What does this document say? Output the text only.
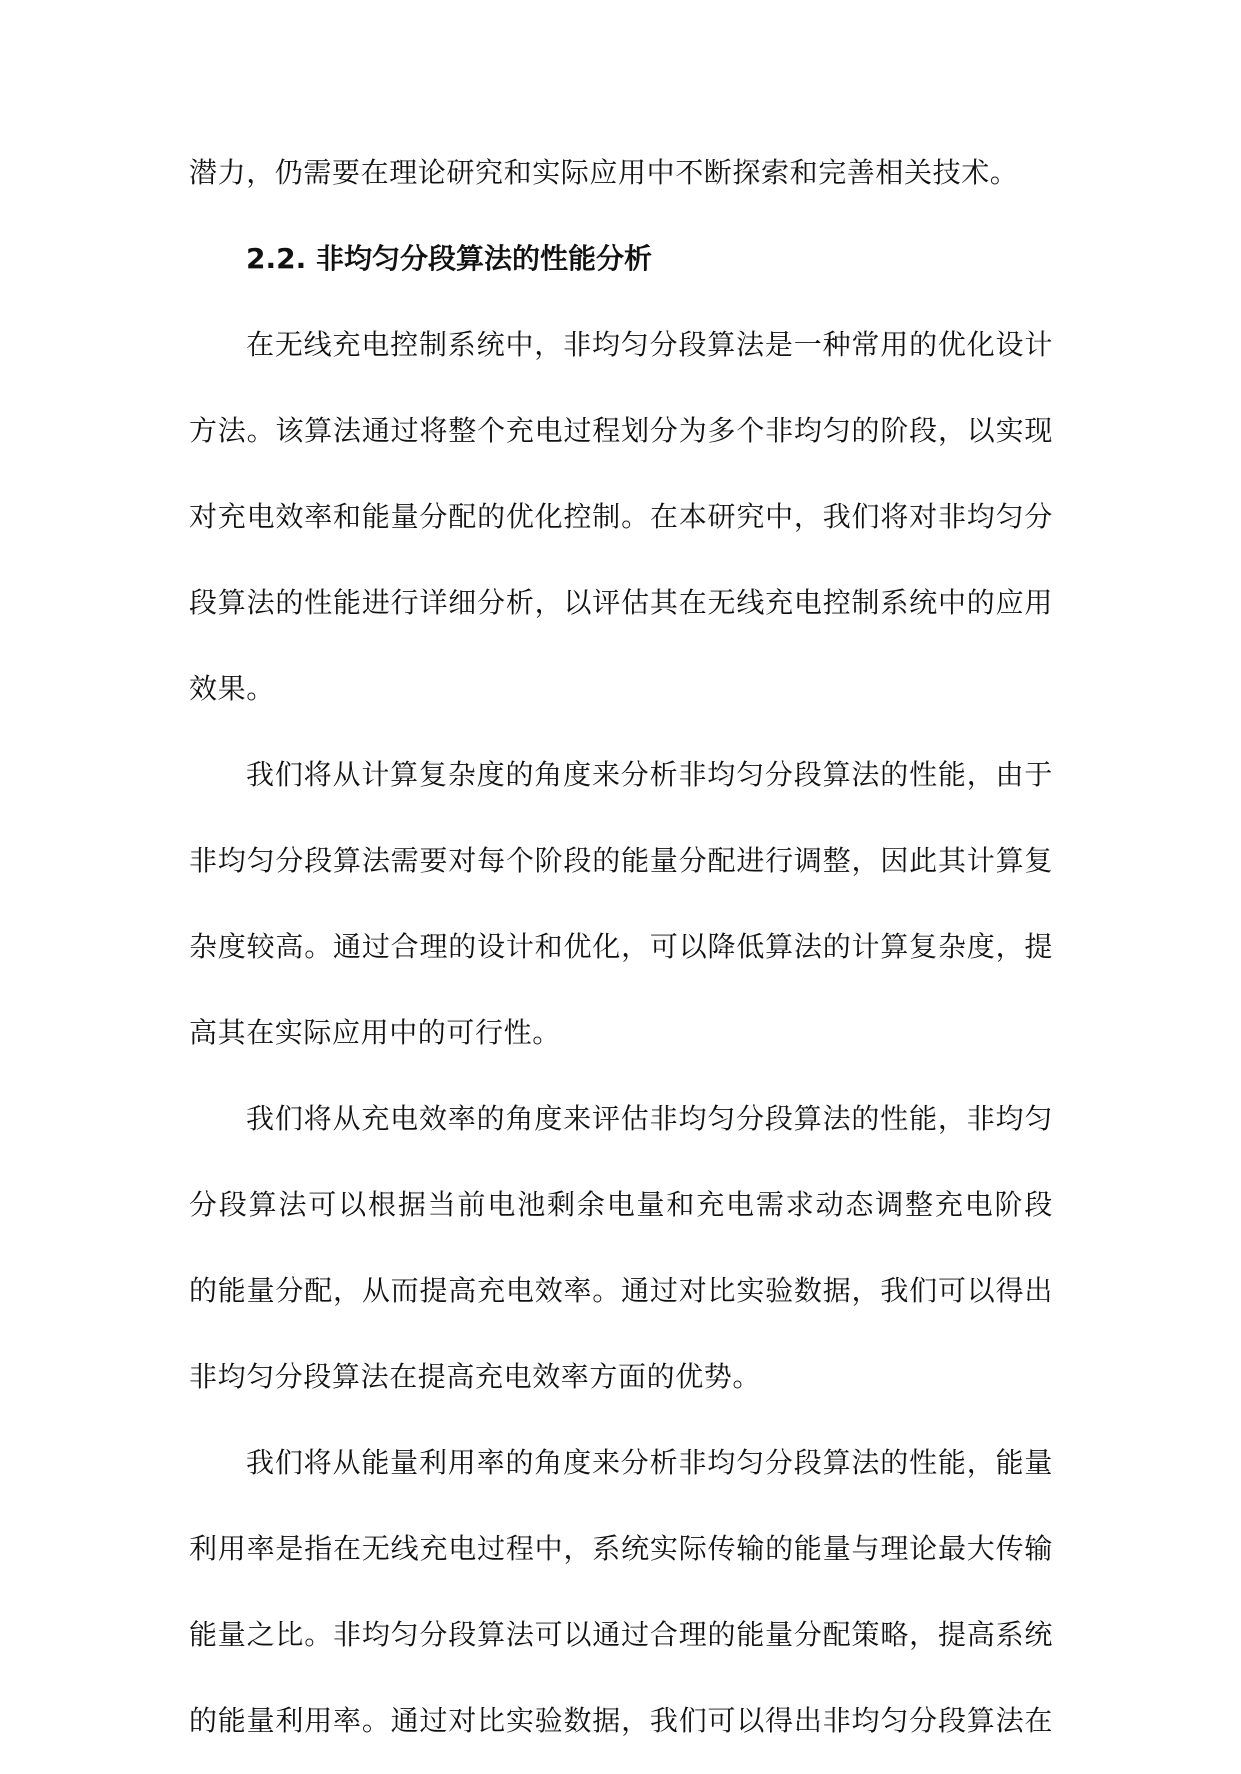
潜力，仍需要在理论研究和实际应用中不断探索和完善相关技术。
2.2. 非均匀分段算法的性能分析
在无线充电控制系统中，非均匀分段算法是一种常用的优化设计
方法。该算法通过将整个充电过程划分为多个非均匀的阶段，以实现
对充电效率和能量分配的优化控制。在本研究中，我们将对非均匀分
段算法的性能进行详细分析，以评估其在无线充电控制系统中的应用
效果。
我们将从计算复杂度的角度来分析非均匀分段算法的性能，由于
非均匀分段算法需要对每个阶段的能量分配进行调整，因此其计算复
杂度较高。通过合理的设计和优化，可以降低算法的计算复杂度，提
高其在实际应用中的可行性。
我们将从充电效率的角度来评估非均匀分段算法的性能，非均匀
分段算法可以根据当前电池剩余电量和充电需求动态调整充电阶段
的能量分配，从而提高充电效率。通过对比实验数据，我们可以得出
非均匀分段算法在提高充电效率方面的优势。
我们将从能量利用率的角度来分析非均匀分段算法的性能，能量
利用率是指在无线充电过程中，系统实际传输的能量与理论最大传输
能量之比。非均匀分段算法可以通过合理的能量分配策略，提高系统
的能量利用率。通过对比实验数据，我们可以得出非均匀分段算法在
